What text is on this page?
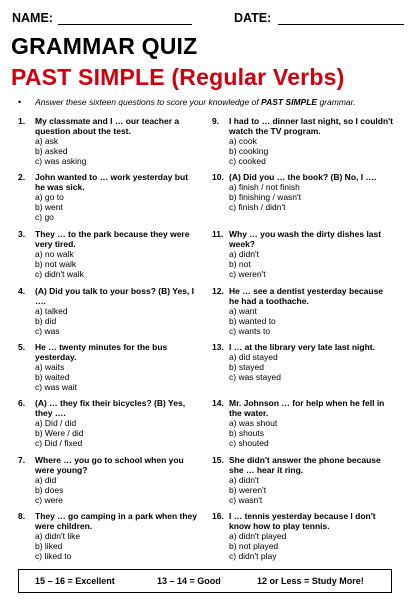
NAME:	DATE:
GRAMMAR QUIZ
PAST SIMPLE (Regular Verbs)
• Answer these sixteen questions to score your knowledge of PAST SIMPLE grammar.
1. My classmate and I … our teacher a question about the test.
a) ask
b) asked
c) was asking
2. John wanted to … work yesterday but he was sick.
a) go to
b) went
c) go
3. They … to the park because they were very tired.
a) no walk
b) not walk
c) didn't walk
4. (A) Did you talk to your boss? (B) Yes, I ….
a) talked
b) did
c) was
5. He … twenty minutes for the bus yesterday.
a) waits
b) waited
c) was wait
6. (A) … they fix their bicycles? (B) Yes, they ….
a) Did / did
b) Were / did
c) Did / fixed
7. Where … you go to school when you were young?
a) did
b) does
c) were
8. They … go camping in a park when they were children.
a) didn't like
b) liked
c) liked to
9. I had to … dinner last night, so I couldn't watch the TV program.
a) cook
b) cooking
c) cooked
10. (A) Did you … the book? (B) No, I ….
a) finish / not finish
b) finishing / wasn't
c) finish / didn't
11. Why … you wash the dirty dishes last week?
a) didn't
b) not
c) weren't
12. He … see a dentist yesterday because he had a toothache.
a) want
b) wanted to
c) wants to
13. I … at the library very late last night.
a) did stayed
b) stayed
c) was stayed
14. Mr. Johnson … for help when he fell in the water.
a) was shout
b) shouts
c) shouted
15. She didn't answer the phone because she … hear it ring.
a) didn't
b) weren't
c) wasn't
16. I … tennis yesterday because I don't know how to play tennis.
a) didn't played
b) not played
c) didn't play
15 – 16 = Excellent	13 – 14 = Good	12 or Less = Study More!
